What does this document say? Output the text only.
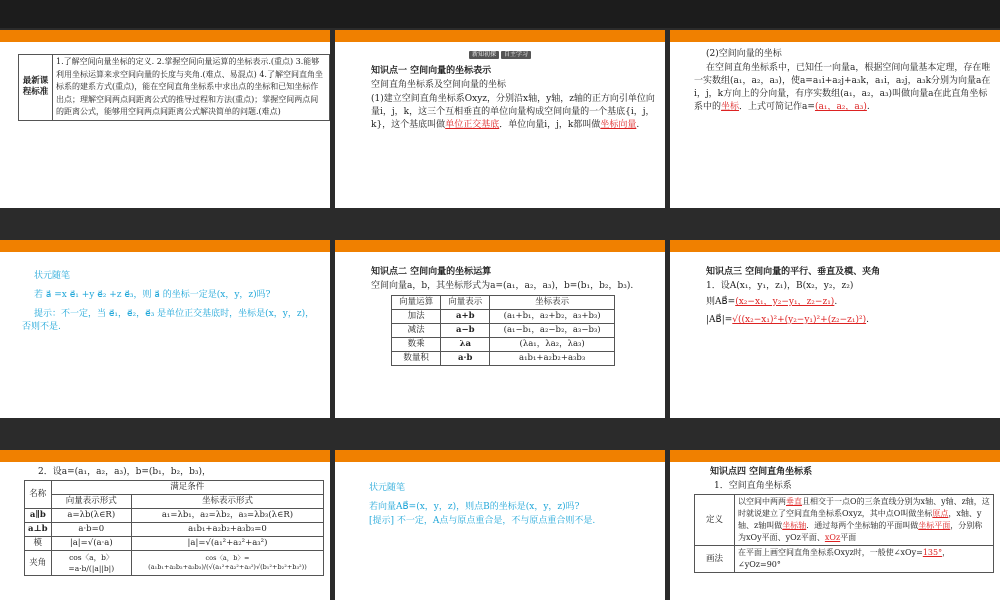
最新课程标准	1.了解空间向量坐标的定义. 2.掌握空间向量运算的坐标表示.(重点) 3.能够利用坐标运算来求空间向量的长度与夹角.(难点、易混点) 4.了解空间直角坐标系的建系方式(重点)，能在空间直角坐标系中求出点的坐标和已知坐标作出点；理解空间两点间距离公式的推导过程和方法(重点)；掌握空间两点间的距离公式，能够用空间两点间距离公式解决简单的问题.(难点)
新知初探 自主学习

知识点一 空间向量的坐标表示

空间直角坐标系及空间向量的坐标

(1)建立空间直角坐标系Oxyz，分别沿x轴，y轴，z轴的正方向引单位向量i，j，k，这三个互相垂直的单位向量构成空间向量的一个基底{i，j，k}，这个基底叫做单位正交基底．单位向量i，j，k都叫做坐标向量.

(2)空间向量的坐标

在空间直角坐标系中，已知任一向量a，根据空间向量基本定理，存在唯一实数组(a₁，a₂，a₃)，使a=a₁i+a₂j+a₃k，a₁i，a₂j，a₃k分别为向量a在i，j，k方向上的分向量，有序实数组(a₁，a₂，a₃)叫做向量a在此直角坐标系中的坐标．上式可简记作a=(a₁，a₂，a₃).

状元随笔

若 a⃗ =x e⃗₁ +y e⃗₂ +z e⃗₃，则 a⃗ 的坐标一定是(x，y，z)吗?

提示：不一定，当 e⃗₁，e⃗₂，e⃗₃ 是单位正交基底时，坐标是(x，y，z)，否则不是.

知识点二 空间向量的坐标运算

空间向量a，b，其坐标形式为a=(a₁，a₂，a₃)，b=(b₁，b₂，b₃).

向量运算	向量表示	坐标表示
加法	a+b	(a₁+b₁，a₂+b₂，a₃+b₃)
减法	a−b	(a₁−b₁，a₂−b₂，a₃−b₃)
数乘	λa	(λa₁，λa₂，λa₃)
数量积	a·b	a₁b₁+a₂b₂+a₃b₃

知识点三 空间向量的平行、垂直及模、夹角

1．设A(x₁，y₁，z₁)，B(x₂，y₂，z₂)

则AB⃗=(x₂−x₁，y₂−y₁，z₂−z₁).

|AB⃗|=√((x₂−x₁)²+(y₂−y₁)²+(z₂−z₁)²).

2．设a=(a₁，a₂，a₃)，b=(b₁，b₂，b₃)，

名称	满足条件	
	向量表示形式	坐标表示形式
a∥b	a=λb(λ∈R)	a₁=λb₁，a₂=λb₂，a₃=λb₃(λ∈R)
a⊥b	a·b=0	a₁b₁+a₂b₂+a₃b₃=0
模	|a|=√(a·a)	|a|=√(a₁²+a₂²+a₃²)
夹角	cos〈a，b〉=a·b/(|a||b|)	cos〈a，b〉=(a₁b₁+a₂b₂+a₃b₃)/(√(a₁²+a₂²+a₃²)√(b₁²+b₂²+b₃²))

状元随笔

若向量AB⃗=(x，y，z)，则点B的坐标是(x，y，z)吗?

[提示] 不一定，A点与原点重合是，不与原点重合则不是.

知识点四 空间直角坐标系

1．空间直角坐标系

定义	以空间中两两垂直且相交于一点O的三条直线分别为x轴、y轴、z轴，这时就说建立了空间直角坐标系Oxyz，其中点O叫做坐标原点，x轴、y轴、z轴叫做坐标轴．通过每两个坐标轴的平面叫做坐标平面，分别称为xOy平面、yOz平面、xOz平面
画法	在平面上画空间直角坐标系Oxyz时，一般使∠xOy=135°，∠yOz=90°
